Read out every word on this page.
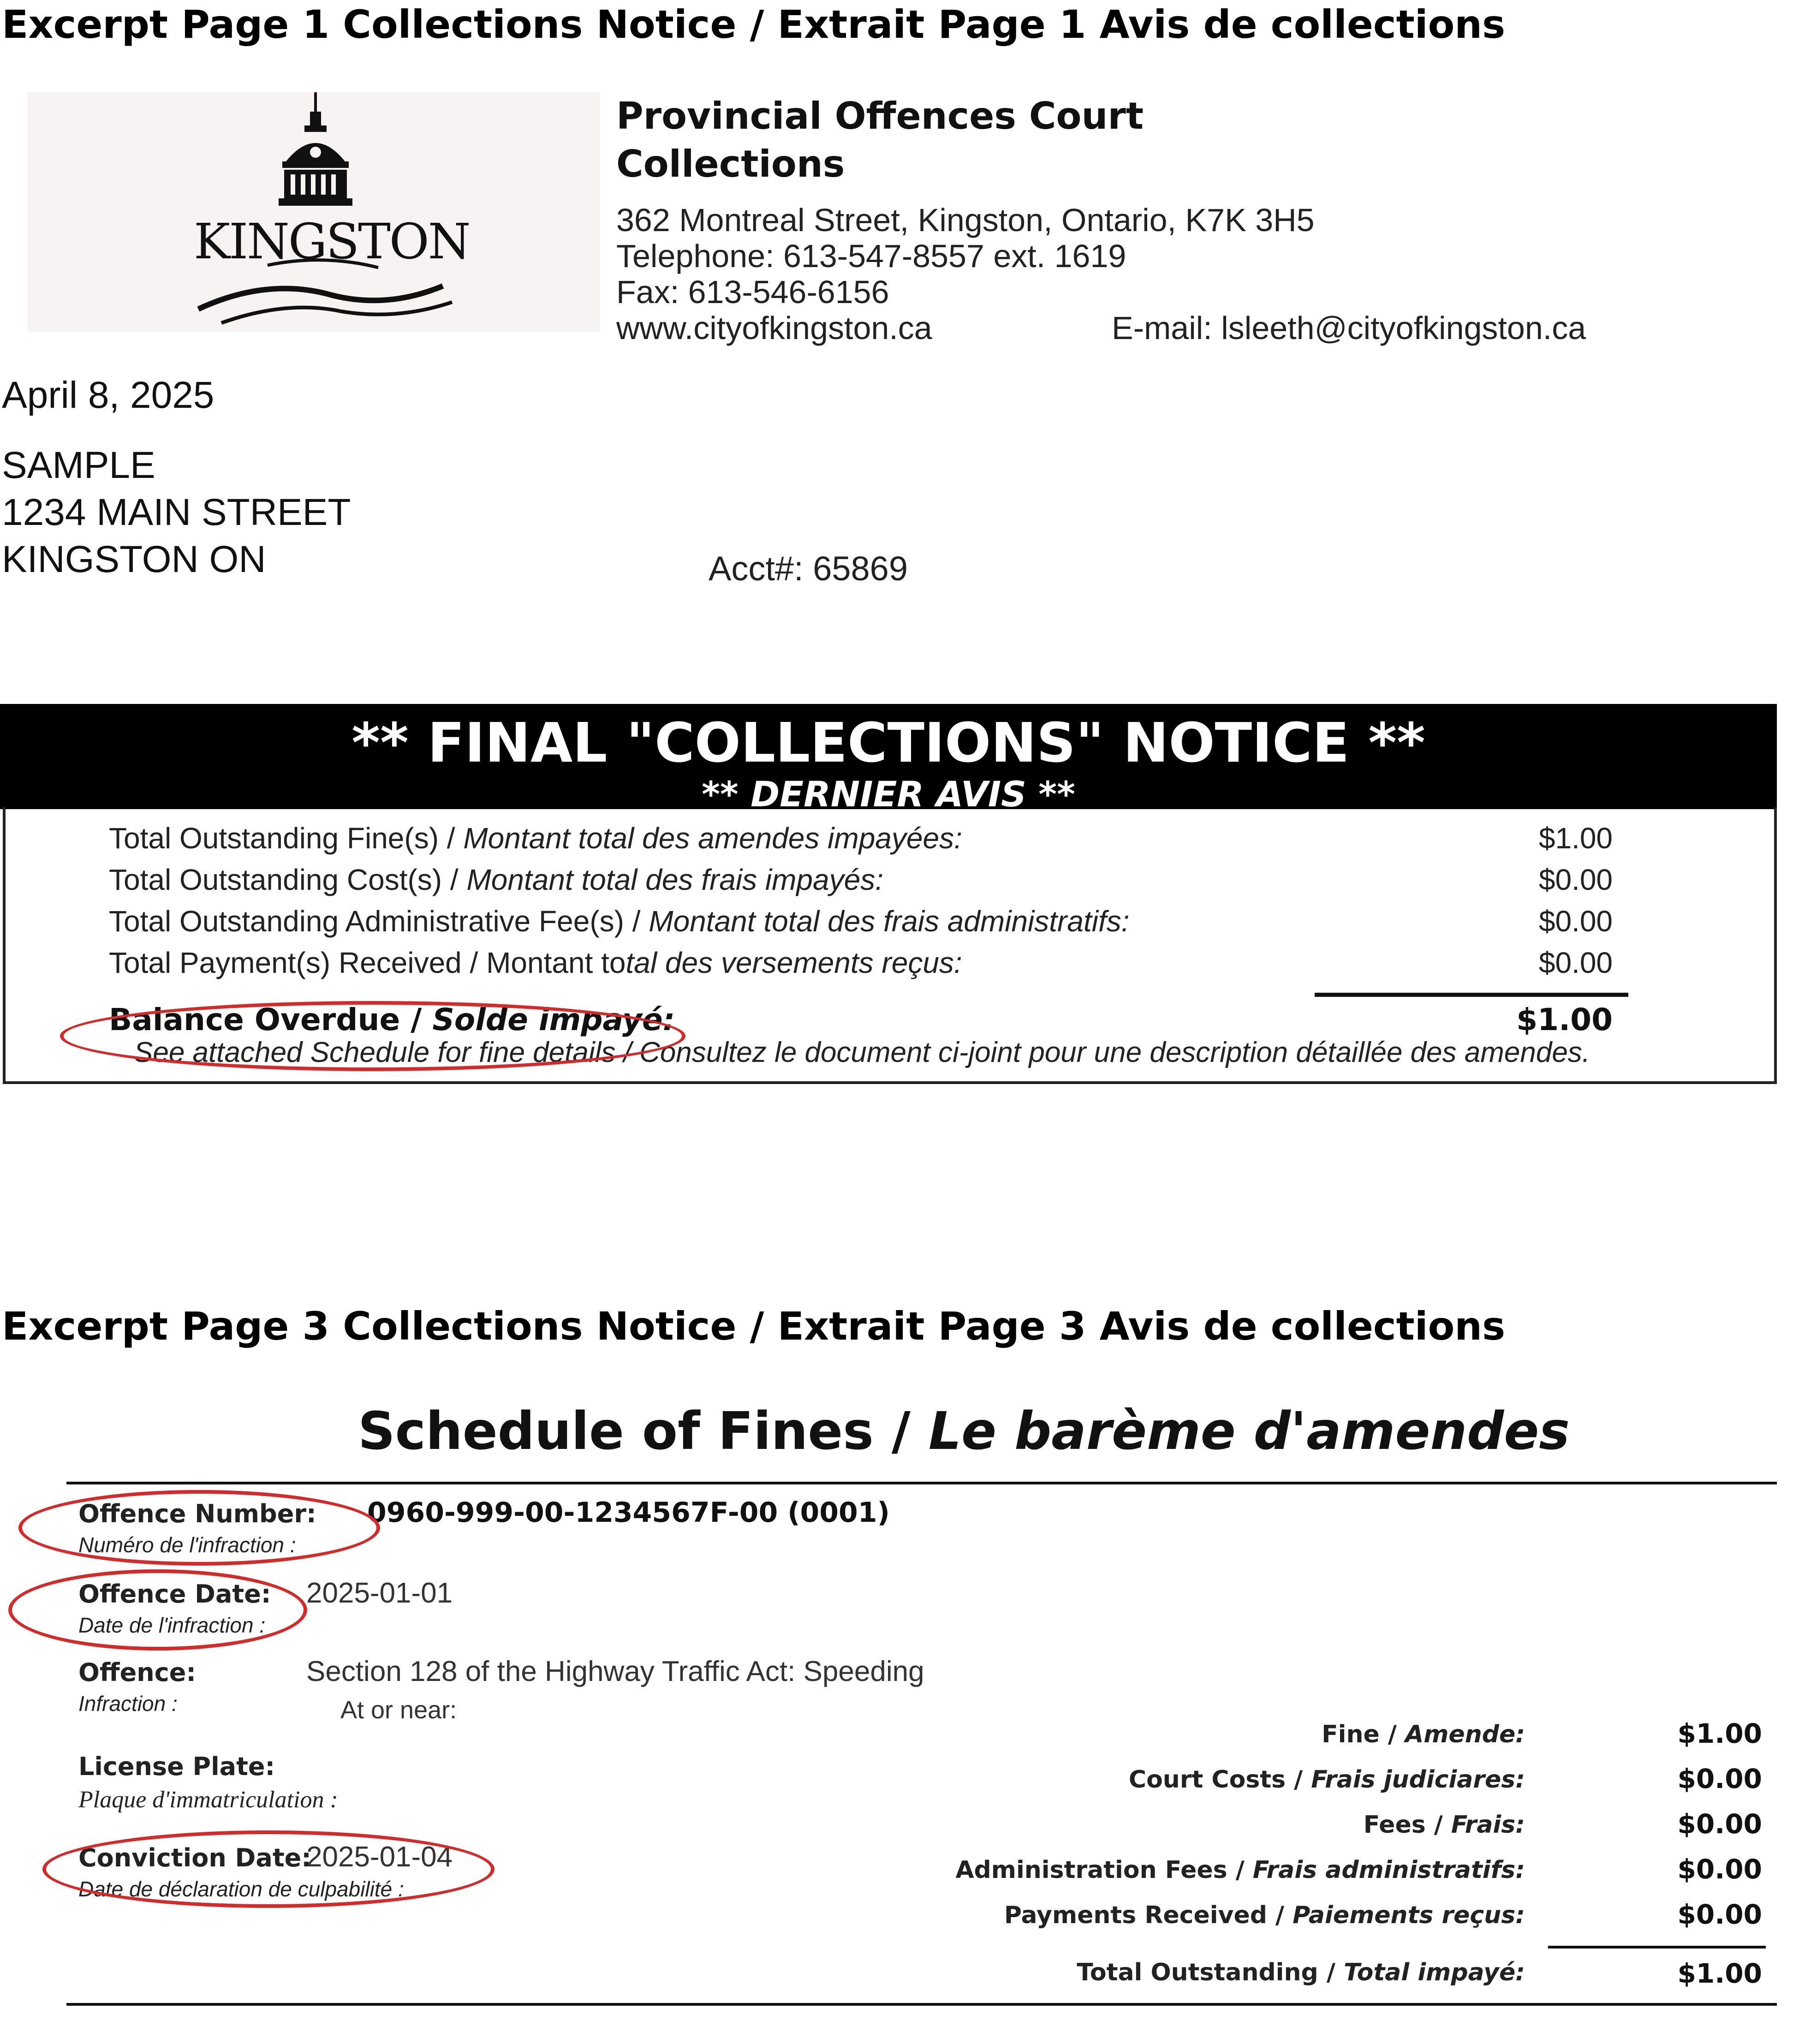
Excerpt Page 1 Collections Notice / Extrait Page 1 Avis de collections
KINGSTON
Provincial Offences Court
Collections
362 Montreal Street, Kingston, Ontario, K7K 3H5
Telephone: 613-547-8557 ext. 1619
Fax: 613-546-6156
www.cityofkingston.ca	E-mail: lsleeth@cityofkingston.ca
April 8, 2025
SAMPLE
1234 MAIN STREET
KINGSTON ON	Acct#: 65869
** FINAL "COLLECTIONS" NOTICE **
** DERNIER AVIS **
Total Outstanding Fine(s) / Montant total des amendes impayées:	$1.00
Total Outstanding Cost(s) / Montant total des frais impayés:	$0.00
Total Outstanding Administrative Fee(s) / Montant total des frais administratifs:	$0.00
Total Payment(s) Received / Montant total des versements reçus:	$0.00
Balance Overdue / Solde impayé:	$1.00
See attached Schedule for fine details / Consultez le document ci-joint pour une description détaillée des amendes.
Excerpt Page 3 Collections Notice / Extrait Page 3 Avis de collections
Schedule of Fines / Le barème d'amendes
Offence Number:
Numéro de l'infraction :
0960-999-00-1234567F-00 (0001)
Offence Date:
Date de l'infraction :
2025-01-01
Offence:
Infraction :
Section 128 of the Highway Traffic Act: Speeding
At or near:
License Plate:
Plaque d'immatriculation :
Conviction Date:
Date de déclaration de culpabilité :
2025-01-04
Fine / Amende:	$1.00
Court Costs / Frais judiciares:	$0.00
Fees / Frais:	$0.00
Administration Fees / Frais administratifs:	$0.00
Payments Received / Paiements reçus:	$0.00
Total Outstanding / Total impayé:	$1.00
